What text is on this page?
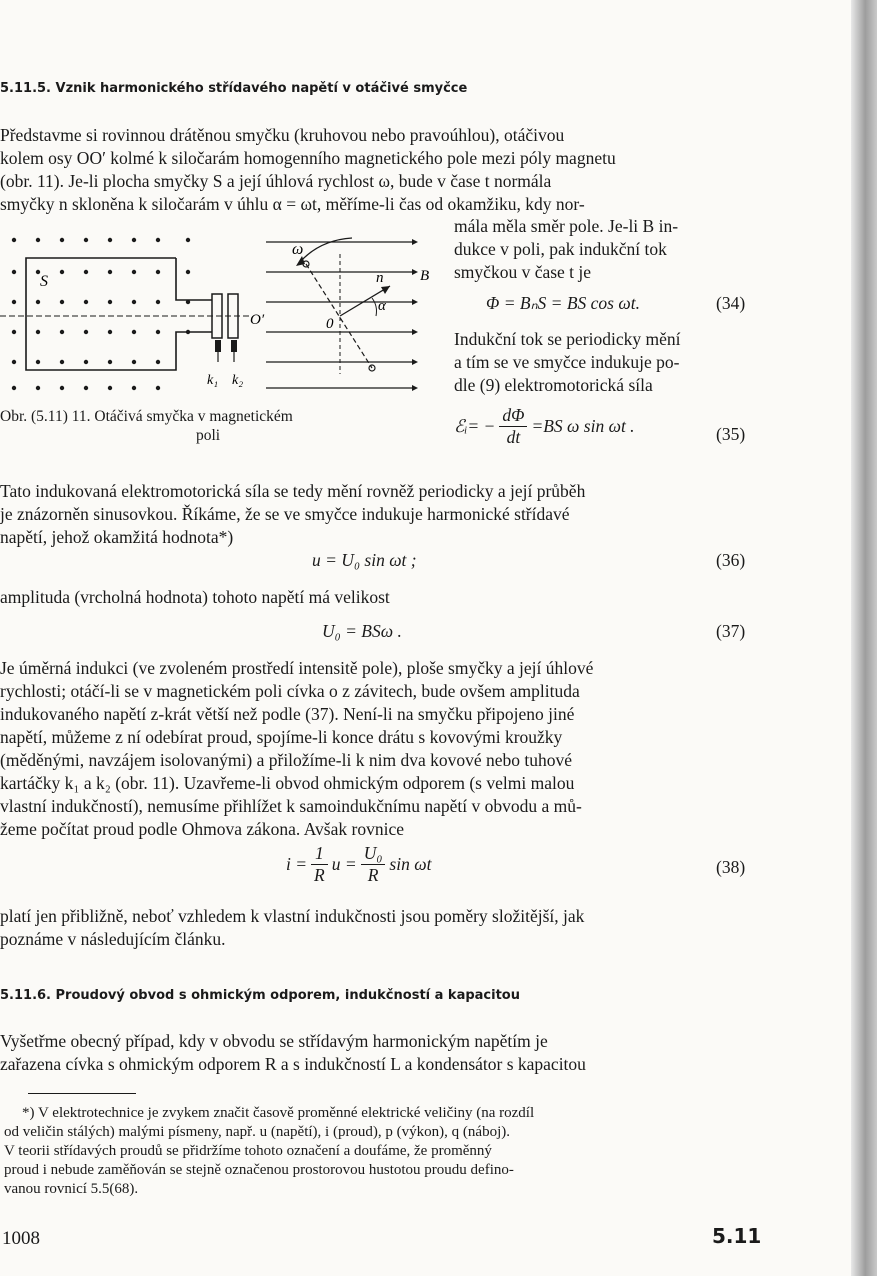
5.11.5. Vznik harmonického střídavého napětí v otáčivé smyčce
Představme si rovinnou drátěnou smyčku (kruhovou nebo pravoúhlou), otáčivou
kolem osy OO′ kolmé k siločarám homogenního magnetického pole mezi póly magnetu
(obr. 11). Je-li plocha smyčky S a její úhlová rychlost ω, bude v čase t normála
smyčky n skloněna k siločarám v úhlu α = ωt, měříme-li čas od okamžiku, kdy nor-
S
O′
k₁ k₂
ω
n B
α
0
Obr. (5.11) 11. Otáčivá smyčka v magnetickém
poli
mála měla směr pole. Je-li B in-
dukce v poli, pak indukční tok
smyčkou v čase t je
Φ = BₙS = BS cos ωt.	(34)
Indukční tok se periodicky mění
a tím se ve smyčce indukuje po-
dle (9) elektromotorická síla
ℰᵢ= − $\frac{d\Phi}{dt} =BS$ ω sin ωt .	(35)
Tato indukovaná elektromotorická síla se tedy mění rovněž periodicky a její průběh
je znázorněn sinusovkou. Říkáme, že se ve smyčce indukuje harmonické střídavé
napětí, jehož okamžitá hodnota*)
u = U₀ sin ωt ;	(36)
amplituda (vrcholná hodnota) tohoto napětí má velikost
U₀ = BSω .	(37)
Je úměrná indukci (ve zvoleném prostředí intensitě pole), ploše smyčky a její úhlové
rychlosti; otáčí-li se v magnetickém poli cívka o z závitech, bude ovšem amplituda
indukovaného napětí z-krát větší než podle (37). Není-li na smyčku připojeno jiné
napětí, můžeme z ní odebírat proud, spojíme-li konce drátu s kovovými kroužky
(měděnými, navzájem isolovanými) a přiložíme-li k nim dva kovové nebo tuhové
kartáčky k₁ a k₂ (obr. 11). Uzavřeme-li obvod ohmickým odporem (s velmi malou
vlastní indukčností), nemusíme přihlížet k samoindukčnímu napětí v obvodu a mů-
žeme počítat proud podle Ohmova zákona. Avšak rovnice
$i = \frac{1}{R}$ $u = \frac{\text{U₀}}{R}$ sin ωt	(38)
platí jen přibližně, neboť vzhledem k vlastní indukčnosti jsou poměry složitější, jak
poznáme v následujícím článku.
5.11.6. Proudový obvod s ohmickým odporem, indukčností a kapacitou
Vyšetřme obecný případ, kdy v obvodu se střídavým harmonickým napětím je
zařazena cívka s ohmickým odporem R a s indukčností L a kondensátor s kapacitou
*) V elektrotechnice je zvykem značit časově proměnné elektrické veličiny (na rozdíl
od veličin stálých) malými písmeny, např. u (napětí), i (proud), p (výkon), q (náboj).
V teorii střídavých proudů se přidržíme tohoto označení a doufáme, že proměnný
proud i nebude zaměňován se stejně označenou prostorovou hustotou proudu defino-
vanou rovnicí 5.5(68).
1008	5.11
